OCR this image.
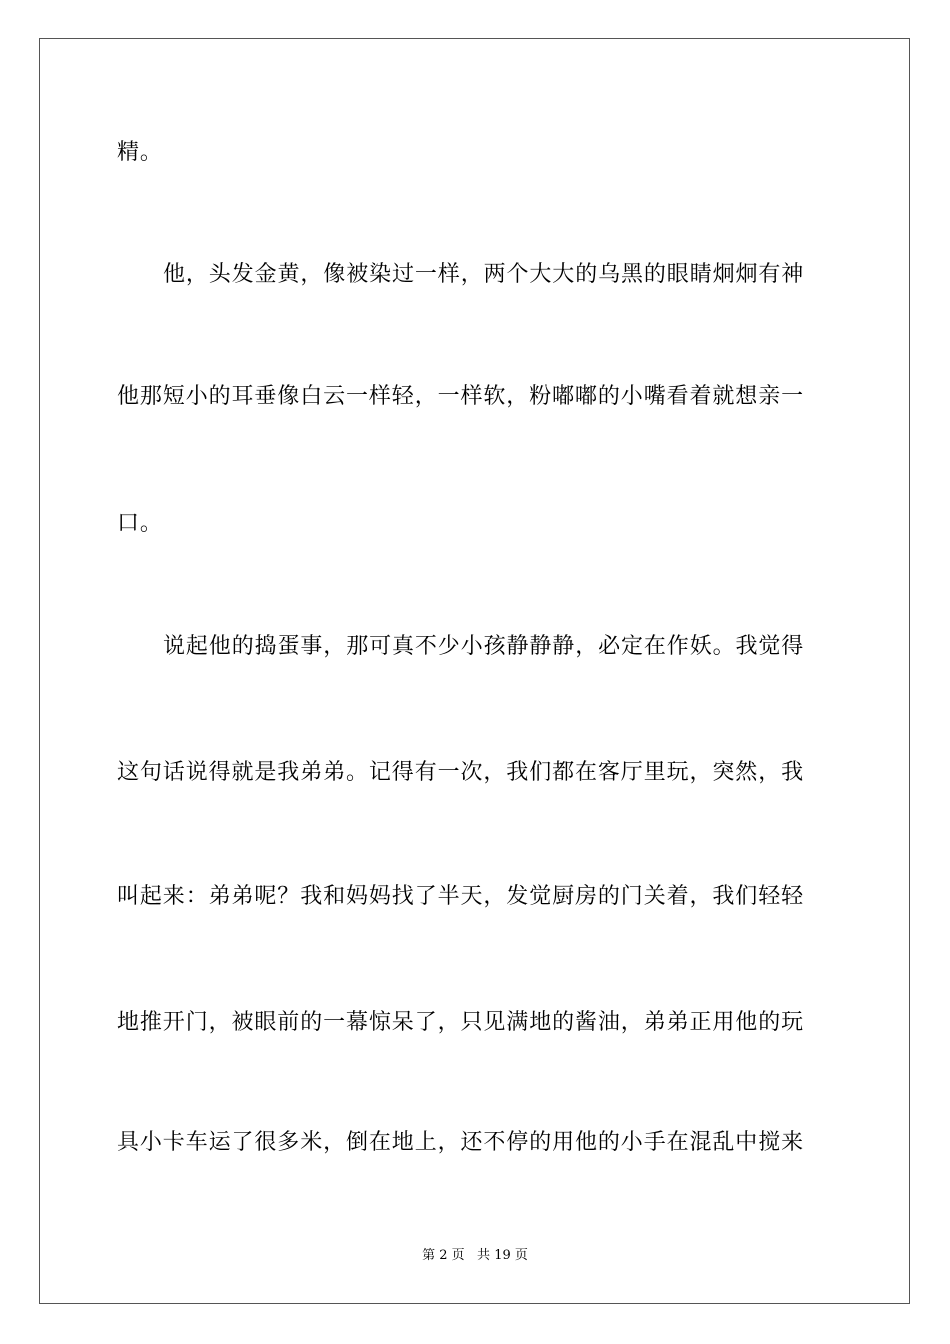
精。
他，头发金黄，像被染过一样，两个大大的乌黑的眼睛炯炯有神
他那短小的耳垂像白云一样轻，一样软，粉嘟嘟的小嘴看着就想亲一
口。
说起他的捣蛋事，那可真不少小孩静静静，必定在作妖。我觉得
这句话说得就是我弟弟。记得有一次，我们都在客厅里玩，突然，我
叫起来：弟弟呢？我和妈妈找了半天，发觉厨房的门关着，我们轻轻
地推开门，被眼前的一幕惊呆了，只见满地的酱油，弟弟正用他的玩
具小卡车运了很多米，倒在地上，还不停的用他的小手在混乱中搅来
第 2 页   共 19 页
